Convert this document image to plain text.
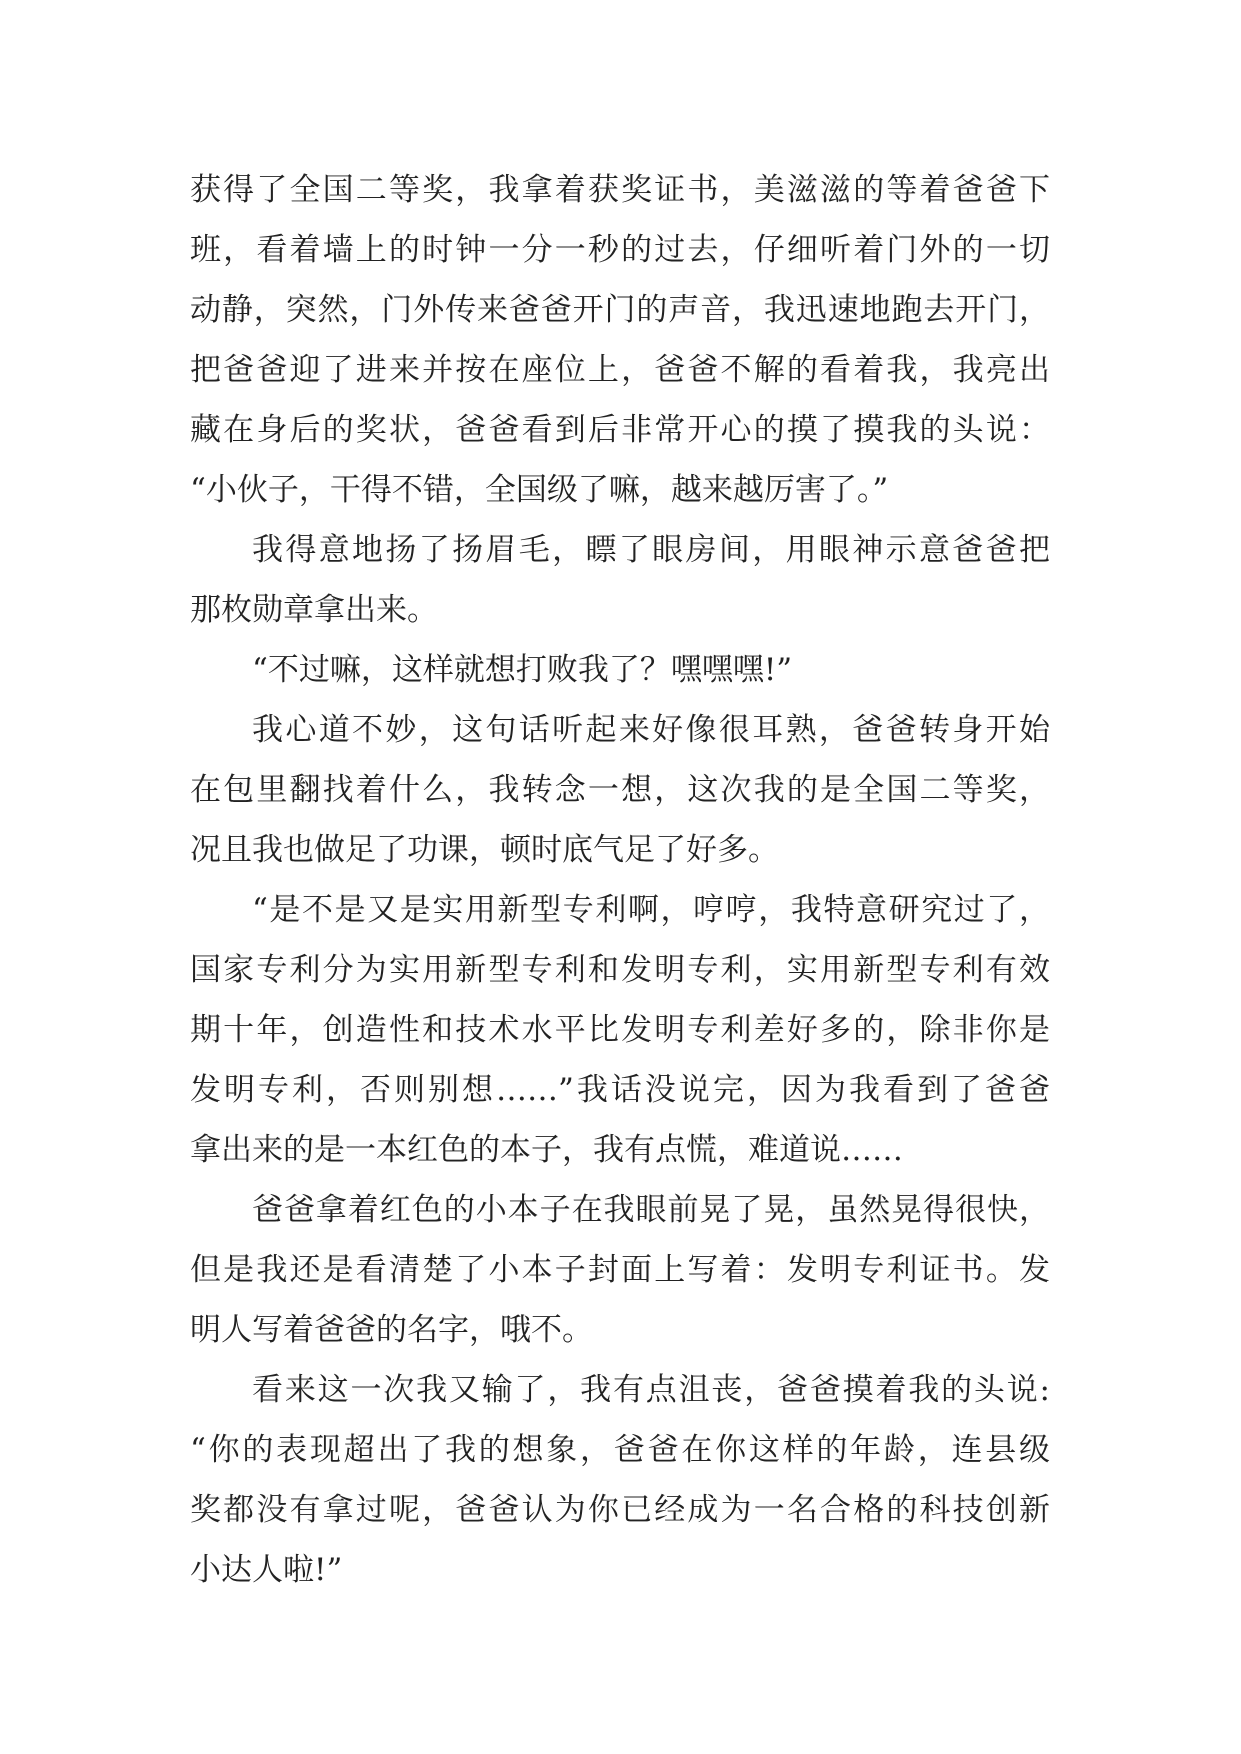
获得了全国二等奖，我拿着获奖证书，美滋滋的等着爸爸下
班，看着墙上的时钟一分一秒的过去，仔细听着门外的一切
动静，突然，门外传来爸爸开门的声音，我迅速地跑去开门，
把爸爸迎了进来并按在座位上，爸爸不解的看着我，我亮出
藏在身后的奖状，爸爸看到后非常开心的摸了摸我的头说：
“小伙子，干得不错，全国级了嘛，越来越厉害了。”
我得意地扬了扬眉毛，瞟了眼房间，用眼神示意爸爸把
那枚勋章拿出来。
“不过嘛，这样就想打败我了？嘿嘿嘿!”
我心道不妙，这句话听起来好像很耳熟，爸爸转身开始
在包里翻找着什么，我转念一想，这次我的是全国二等奖，
况且我也做足了功课，顿时底气足了好多。
“是不是又是实用新型专利啊，哼哼，我特意研究过了，
国家专利分为实用新型专利和发明专利，实用新型专利有效
期十年，创造性和技术水平比发明专利差好多的，除非你是
发明专利，否则别想……”我话没说完，因为我看到了爸爸
拿出来的是一本红色的本子，我有点慌，难道说……
爸爸拿着红色的小本子在我眼前晃了晃，虽然晃得很快，
但是我还是看清楚了小本子封面上写着：发明专利证书。发
明人写着爸爸的名字，哦不。
看来这一次我又输了，我有点沮丧，爸爸摸着我的头说:
“你的表现超出了我的想象，爸爸在你这样的年龄，连县级
奖都没有拿过呢，爸爸认为你已经成为一名合格的科技创新
小达人啦!”
